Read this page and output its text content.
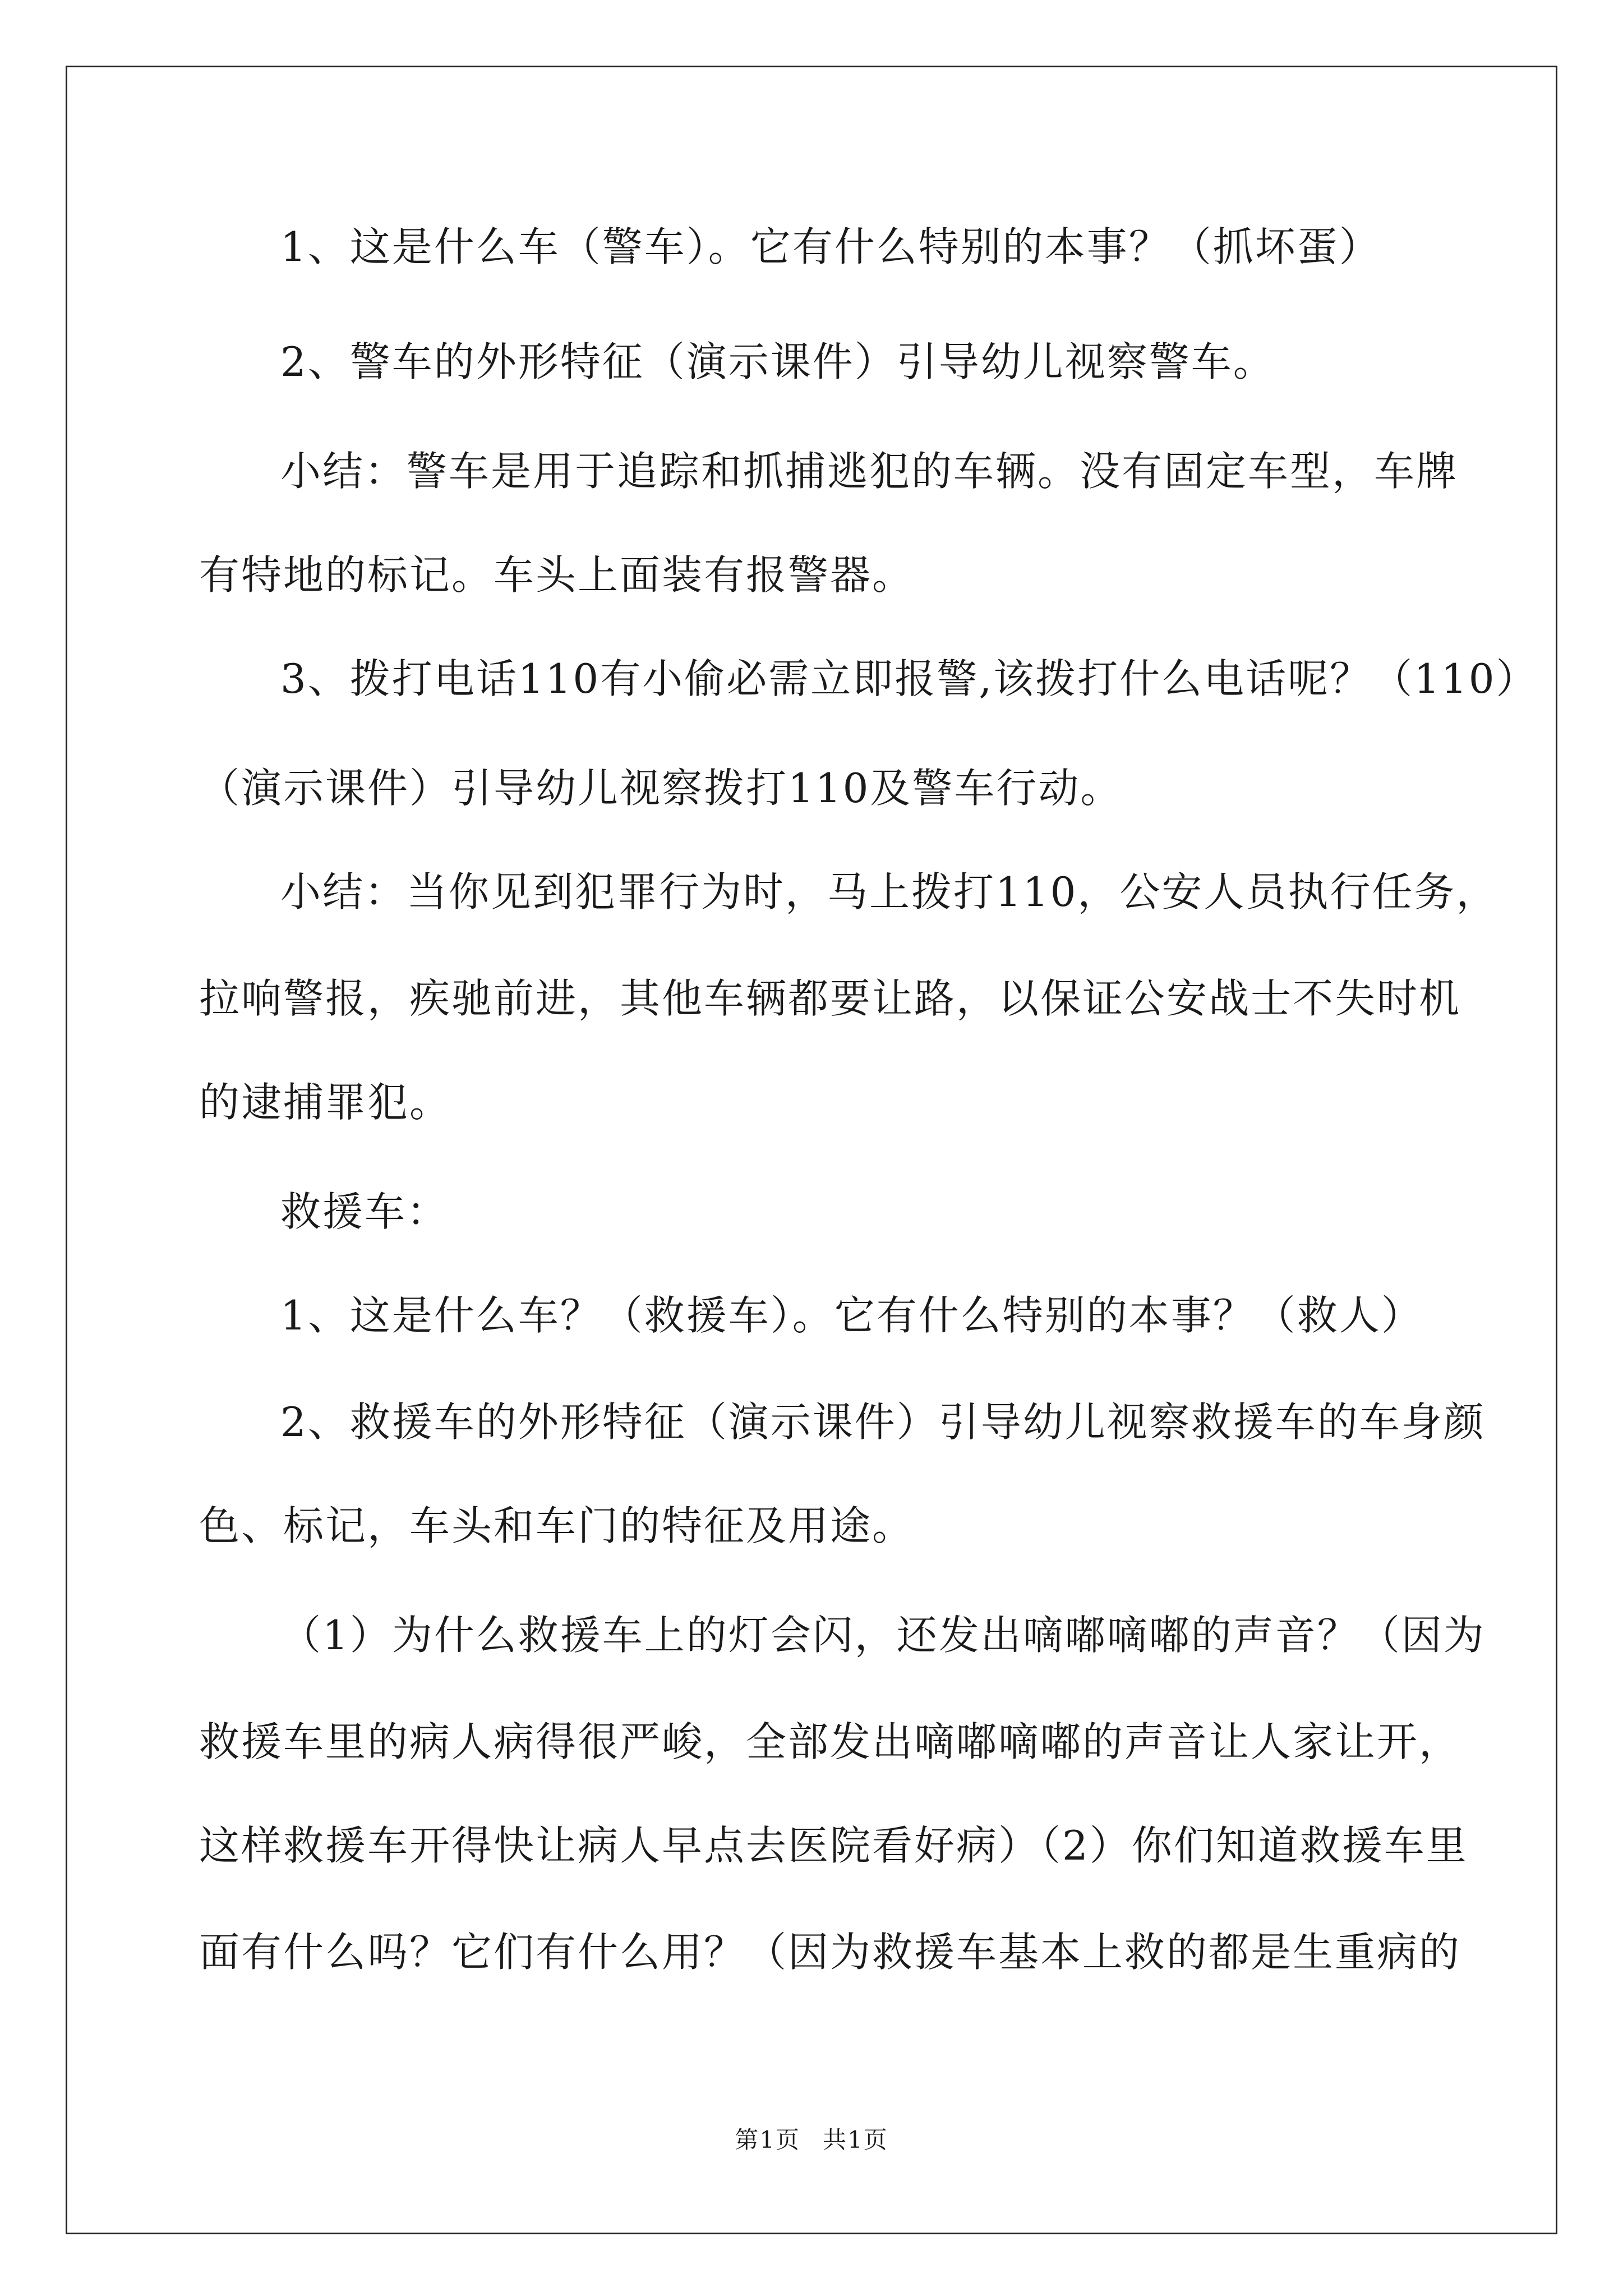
1、这是什么车（警车）。它有什么特别的本事？（抓坏蛋）
2、警车的外形特征（演示课件）引导幼儿视察警车。
小结：警车是用于追踪和抓捕逃犯的车辆。没有固定车型，车牌
有特地的标记。车头上面装有报警器。
3、拨打电话110有小偷必需立即报警,该拨打什么电话呢？（110）
（演示课件）引导幼儿视察拨打110及警车行动。
小结：当你见到犯罪行为时，马上拨打110，公安人员执行任务，
拉响警报，疾驰前进，其他车辆都要让路，以保证公安战士不失时机
的逮捕罪犯。
救援车：
1、这是什么车？（救援车）。它有什么特别的本事？（救人）
2、救援车的外形特征（演示课件）引导幼儿视察救援车的车身颜
色、标记，车头和车门的特征及用途。
（1）为什么救援车上的灯会闪，还发出嘀嘟嘀嘟的声音？（因为
救援车里的病人病得很严峻，全部发出嘀嘟嘀嘟的声音让人家让开，
这样救援车开得快让病人早点去医院看好病）（2）你们知道救援车里
面有什么吗？它们有什么用？（因为救援车基本上救的都是生重病的
第1页 共1页
